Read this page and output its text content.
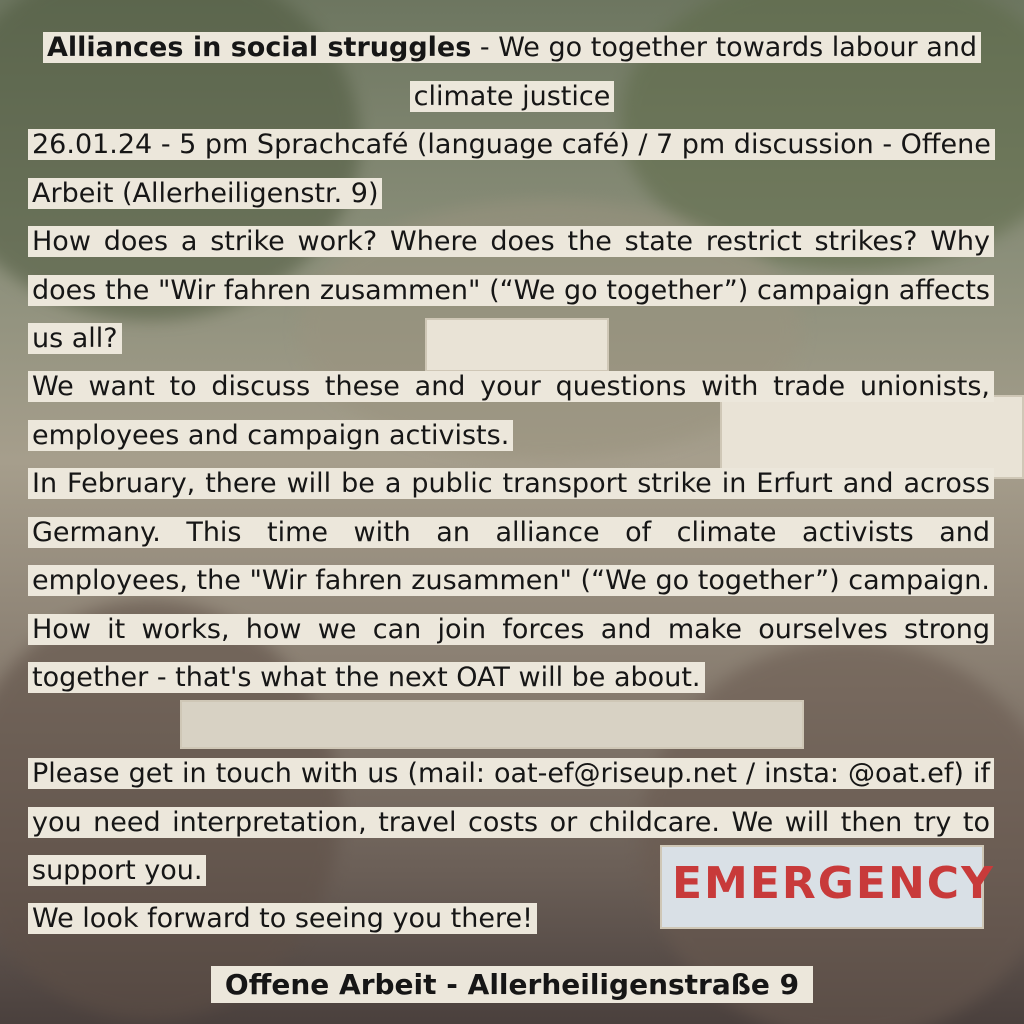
EMERGENCY
Alliances in social struggles - We go together towards labour and climate justice

26.01.24 - 5 pm Sprachcafé (language café) / 7 pm discussion - Offene Arbeit (Allerheiligenstr. 9)

How does a strike work? Where does the state restrict strikes? Why does the "Wir fahren zusammen" (“We go together”) campaign affects us all?

We want to discuss these and your questions with trade unionists, employees and campaign activists.

In February, there will be a public transport strike in Erfurt and across Germany. This time with an alliance of climate activists and employees, the "Wir fahren zusammen" (“We go together”) campaign. How it works, how we can join forces and make ourselves strong together - that's what the next OAT will be about.

Please get in touch with us (mail: oat-ef@riseup.net / insta: @oat.ef) if you need interpretation, travel costs or childcare. We will then try to support you.

We look forward to seeing you there!

Offene Arbeit - Allerheiligenstraße 9
